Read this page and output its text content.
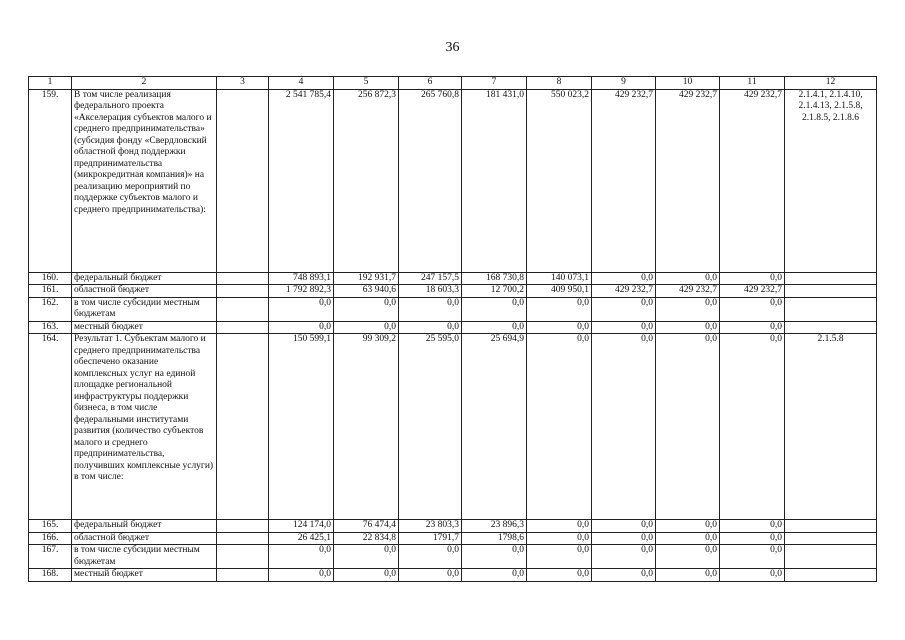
36
1	2	3	4	5	6	7	8	9	10	11	12
159.	В том числе реализация федерального проекта «Акселерация субъектов малого и среднего предпринимательства» (субсидия фонду «Свердловский областной фонд поддержки предпринимательства (микрокредитная компания)» на реализацию мероприятий по поддержке субъектов малого и среднего предпринимательства):		2 541 785,4	256 872,3	265 760,8	181 431,0	550 023,2	429 232,7	429 232,7	429 232,7	2.1.4.1, 2.1.4.10, 2.1.4.13, 2.1.5.8, 2.1.8.5, 2.1.8.6
160.	федеральный бюджет		748 893,1	192 931,7	247 157,5	168 730,8	140 073,1	0,0	0,0	0,0	
161.	областной бюджет		1 792 892,3	63 940,6	18 603,3	12 700,2	409 950,1	429 232,7	429 232,7	429 232,7	
162.	в том числе субсидии местным бюджетам		0,0	0,0	0,0	0,0	0,0	0,0	0,0	0,0	
163.	местный бюджет		0,0	0,0	0,0	0,0	0,0	0,0	0,0	0,0	
164.	Результат 1. Субъектам малого и среднего предпринимательства обеспечено оказание комплексных услуг на единой площадке региональной инфраструктуры поддержки бизнеса, в том числе федеральными институтами развития (количество субъектов малого и среднего предпринимательства, получивших комплексные услуги) в том числе:		150 599,1	99 309,2	25 595,0	25 694,9	0,0	0,0	0,0	0,0	2.1.5.8
165.	федеральный бюджет		124 174,0	76 474,4	23 803,3	23 896,3	0,0	0,0	0,0	0,0	
166.	областной бюджет		26 425,1	22 834,8	1791,7	1798,6	0,0	0,0	0,0	0,0	
167.	в том числе субсидии местным бюджетам		0,0	0,0	0,0	0,0	0,0	0,0	0,0	0,0	
168.	местный бюджет		0,0	0,0	0,0	0,0	0,0	0,0	0,0	0,0	
